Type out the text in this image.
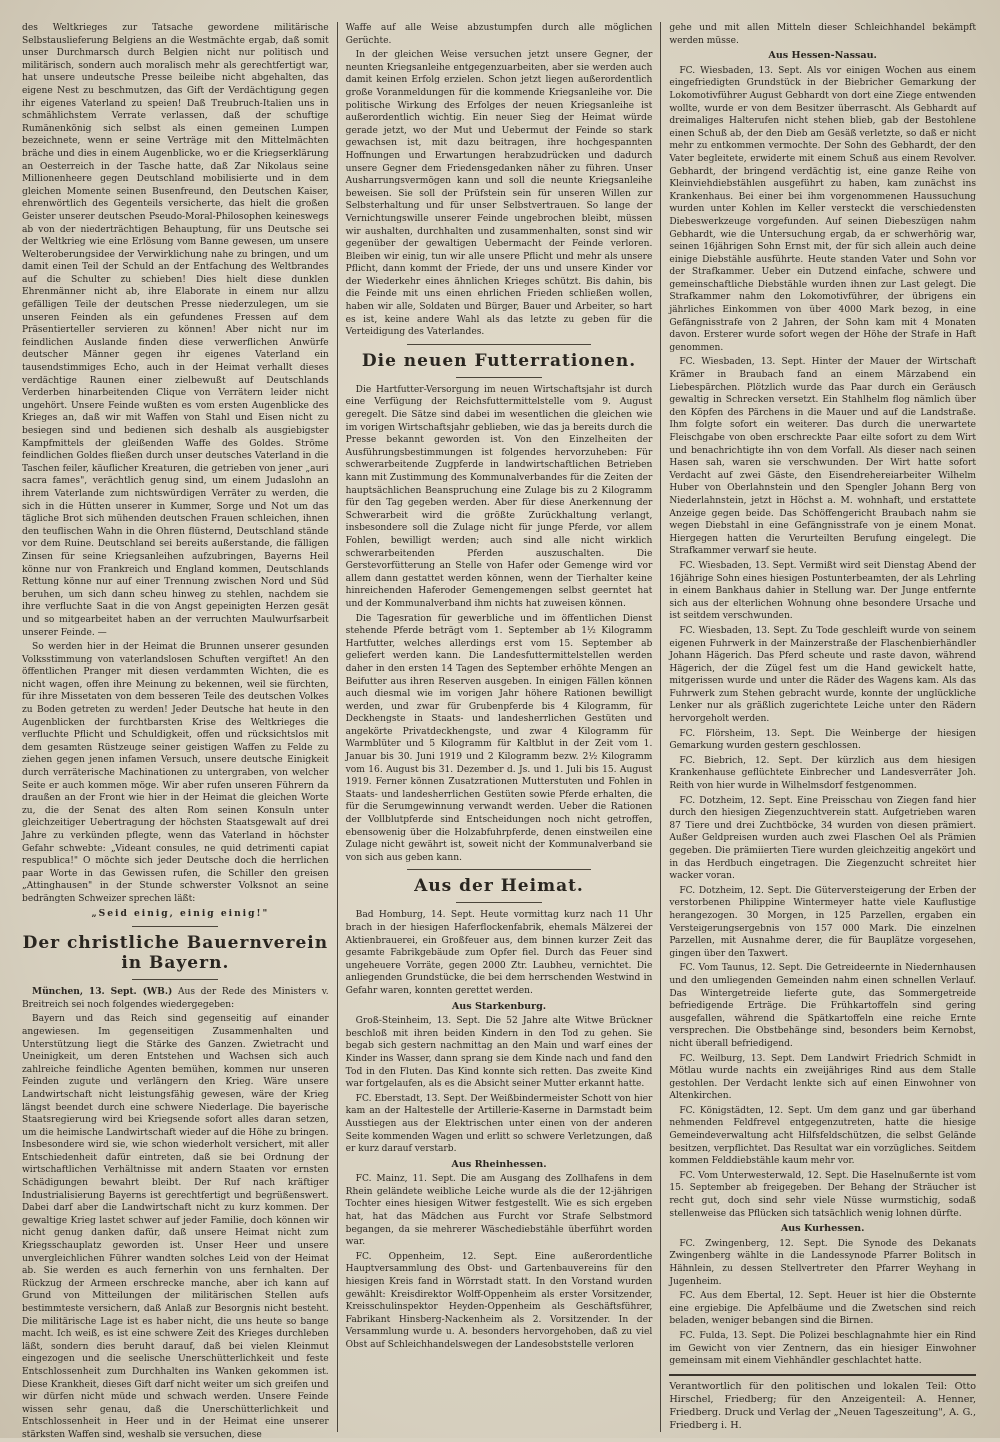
des Weltkrieges zur Tatsache gewordene militärische Selbstauslieferung Belgiens an die Westmächte ergab, daß somit unser Durchmarsch durch Belgien nicht nur politisch und militärisch, sondern auch moralisch mehr als gerechtfertigt war, hat unsere undeutsche Presse beileibe nicht abgehalten, das eigene Nest zu beschmutzen, das Gift der Verdächtigung gegen ihr eigenes Vaterland zu speien! Daß Treubruch-Italien uns in schmählichstem Verrate verlassen, daß der schuftige Rumänenkönig sich selbst als einen gemeinen Lumpen bezeichnete, wenn er seine Verträge mit den Mittelmächten bräche und dies in einem Augenblicke, wo er die Kriegserklärung an Oesterreich in der Tasche hatte, daß Zar Nikolaus seine Millionenheere gegen Deutschland mobilisierte und in dem gleichen Momente seinen Busenfreund, den Deutschen Kaiser, ehrenwörtlich des Gegenteils versicherte, das hielt die großen Geister unserer deutschen Pseudo-Moral-Philosophen keineswegs ab von der niederträchtigen Behauptung, für uns Deutsche sei der Weltkrieg wie eine Erlösung vom Banne gewesen, um unsere Welteroberungsidee der Verwirklichung nahe zu bringen, und um damit einen Teil der Schuld an der Entfachung des Weltbrandes auf die Schulter zu schieben! Dies hielt diese dunklen Ehrenmänner nicht ab, ihre Elaborate in einem nur allzu gefälligen Teile der deutschen Presse niederzulegen, um sie unseren Feinden als ein gefundenes Fressen auf dem Präsentierteller servieren zu können! Aber nicht nur im feindlichen Auslande finden diese verwerflichen Anwürfe deutscher Männer gegen ihr eigenes Vaterland ein tausendstimmiges Echo, auch in der Heimat verhallt dieses verdächtige Raunen einer zielbewußt auf Deutschlands Verderben hinarbeitenden Clique von Verrätern leider nicht ungehört. Unsere Feinde wußten es vom ersten Augenblicke des Krieges an, daß wir mit Waffen von Stahl und Eisen nicht zu besiegen sind und bedienen sich deshalb als ausgiebigster Kampfmittels der gleißenden Waffe des Goldes. Ströme feindlichen Goldes fließen durch unser deutsches Vaterland in die Taschen feiler, käuflicher Kreaturen, die getrieben von jener „auri sacra fames", verächtlich genug sind, um einem Judaslohn an ihrem Vaterlande zum nichtswürdigen Verräter zu werden, die sich in die Hütten unserer in Kummer, Sorge und Not um das tägliche Brot sich mühenden deutschen Frauen schleichen, ihnen den teuflischen Wahn in die Ohren flüsternd, Deutschland stände vor dem Ruine. Deutschland sei bereits außerstande, die fälligen Zinsen für seine Kriegsanleihen aufzubringen, Bayerns Heil könne nur von Frankreich und England kommen, Deutschlands Rettung könne nur auf einer Trennung zwischen Nord und Süd beruhen, um sich dann scheu hinweg zu stehlen, nachdem sie ihre verfluchte Saat in die von Angst gepeinigten Herzen gesät und so mitgearbeitet haben an der verruchten Maulwurfsarbeit unserer Feinde. —

So werden hier in der Heimat die Brunnen unserer gesunden Volksstimmung von vaterlandslosen Schuften vergiftet! An den öffentlichen Pranger mit diesen verdammten Wichten, die es nicht wagen, offen ihre Meinung zu bekennen, weil sie fürchten, für ihre Missetaten von dem besseren Teile des deutschen Volkes zu Boden getreten zu werden! Jeder Deutsche hat heute in den Augenblicken der furchtbarsten Krise des Weltkrieges die verfluchte Pflicht und Schuldigkeit, offen und rücksichtslos mit dem gesamten Rüstzeuge seiner geistigen Waffen zu Felde zu ziehen gegen jenen infamen Versuch, unsere deutsche Einigkeit durch verräterische Machinationen zu untergraben, von welcher Seite er auch kommen möge. Wir aber rufen unseren Führern da draußen an der Front wie hier in der Heimat die gleichen Worte zu, die der Senat des alten Rom seinen Konsuln unter gleichzeitiger Uebertragung der höchsten Staatsgewalt auf drei Jahre zu verkünden pflegte, wenn das Vaterland in höchster Gefahr schwebte: „Videant consules, ne quid detrimenti capiat respublica!" O möchte sich jeder Deutsche doch die herrlichen paar Worte in das Gewissen rufen, die Schiller den greisen „Attinghausen" in der Stunde schwerster Volksnot an seine bedrängten Schweizer sprechen läßt:

„Seid einig, einig einig!"

Der christliche Bauernverein in Bayern.

München, 13. Sept. (WB.) Aus der Rede des Ministers v. Breitreich sei noch folgendes wiedergegeben:

Bayern und das Reich sind gegenseitig auf einander angewiesen. Im gegenseitigen Zusammenhalten und Unterstützung liegt die Stärke des Ganzen. Zwietracht und Uneinigkeit, um deren Entstehen und Wachsen sich auch zahlreiche feindliche Agenten bemühen, kommen nur unseren Feinden zugute und verlängern den Krieg. Wäre unsere Landwirtschaft nicht leistungsfähig gewesen, wäre der Krieg längst beendet durch eine schwere Niederlage. Die bayerische Staatsregierung wird bei Kriegsende sofort alles daran setzen, um die heimische Landwirtschaft wieder auf die Höhe zu bringen. Insbesondere wird sie, wie schon wiederholt versichert, mit aller Entschiedenheit dafür eintreten, daß sie bei Ordnung der wirtschaftlichen Verhältnisse mit andern Staaten vor ernsten Schädigungen bewahrt bleibt. Der Ruf nach kräftiger Industrialisierung Bayerns ist gerechtfertigt und begrüßenswert. Dabei darf aber die Landwirtschaft nicht zu kurz kommen. Der gewaltige Krieg lastet schwer auf jeder Familie, doch können wir nicht genug danken dafür, daß unsere Heimat nicht zum Kriegsschauplatz geworden ist. Unser Heer und unsere unvergleichlichen Führer wandten solches Leid von der Heimat ab. Sie werden es auch fernerhin von uns fernhalten. Der Rückzug der Armeen erschrecke manche, aber ich kann auf Grund von Mitteilungen der militärischen Stellen aufs bestimmteste versichern, daß Anlaß zur Besorgnis nicht besteht. Die militärische Lage ist es haber nicht, die uns heute so bange macht. Ich weiß, es ist eine schwere Zeit des Krieges durchleben läßt, sondern dies beruht darauf, daß bei vielen Kleinmut eingezogen und die seelische Unerschütterlichkeit und feste Entschlossenheit zum Durchhalten ins Wanken gekommen ist. Diese Krankheit, dieses Gift darf nicht weiter um sich greifen und wir dürfen nicht müde und schwach werden. Unsere Feinde wissen sehr genau, daß die Unerschütterlichkeit und Entschlossenheit in Heer und in der Heimat eine unserer stärksten Waffen sind, weshalb sie versuchen, diese

Waffe auf alle Weise abzustumpfen durch alle möglichen Gerüchte.

In der gleichen Weise versuchen jetzt unsere Gegner, der neunten Kriegsanleihe entgegenzuarbeiten, aber sie werden auch damit keinen Erfolg erzielen. Schon jetzt liegen außerordentlich große Voranmeldungen für die kommende Kriegsanleihe vor. Die politische Wirkung des Erfolges der neuen Kriegsanleihe ist außerordentlich wichtig. Ein neuer Sieg der Heimat würde gerade jetzt, wo der Mut und Uebermut der Feinde so stark gewachsen ist, mit dazu beitragen, ihre hochgespannten Hoffnungen und Erwartungen herabzudrücken und dadurch unsere Gegner dem Friedensgedanken näher zu führen. Unser Ausharrungsvermögen kann und soll die neunte Kriegsanleihe beweisen. Sie soll der Prüfstein sein für unseren Willen zur Selbsterhaltung und für unser Selbstvertrauen. So lange der Vernichtungswille unserer Feinde ungebrochen bleibt, müssen wir aushalten, durchhalten und zusammenhalten, sonst sind wir gegenüber der gewaltigen Uebermacht der Feinde verloren. Bleiben wir einig, tun wir alle unsere Pflicht und mehr als unsere Pflicht, dann kommt der Friede, der uns und unsere Kinder vor der Wiederkehr eines ähnlichen Krieges schützt. Bis dahin, bis die Feinde mit uns einen ehrlichen Frieden schließen wollen, haben wir alle, Soldaten und Bürger, Bauer und Arbeiter, so hart es ist, keine andere Wahl als das letzte zu geben für die Verteidigung des Vaterlandes.

Die neuen Futterrationen.

Die Hartfutter-Versorgung im neuen Wirtschaftsjahr ist durch eine Verfügung der Reichsfuttermittelstelle vom 9. August geregelt. Die Sätze sind dabei im wesentlichen die gleichen wie im vorigen Wirtschaftsjahr geblieben, wie das ja bereits durch die Presse bekannt geworden ist. Von den Einzelheiten der Ausführungsbestimmungen ist folgendes hervorzuheben: Für schwerarbeitende Zugpferde in landwirtschaftlichen Betrieben kann mit Zustimmung des Kommunalverbandes für die Zeiten der hauptsächlichen Beanspruchung eine Zulage bis zu 2 Kilogramm für den Tag gegeben werden. Aber für diese Anerkennung der Schwerarbeit wird die größte Zurückhaltung verlangt, insbesondere soll die Zulage nicht für junge Pferde, vor allem Fohlen, bewilligt werden; auch sind alle nicht wirklich schwerarbeitenden Pferden auszuschalten. Die Gerstevorfütterung an Stelle von Hafer oder Gemenge wird vor allem dann gestattet werden können, wenn der Tierhalter keine hinreichenden Haferoder Gemengemengen selbst geerntet hat und der Kommunalverband ihm nichts hat zuweisen können.

Die Tagesration für gewerbliche und im öffentlichen Dienst stehende Pferde beträgt vom 1. September ab 1½ Kilogramm Hartfutter, welches allerdings erst vom 15. September ab geliefert werden kann. Die Landesfuttermittelstellen werden daher in den ersten 14 Tagen des September erhöhte Mengen an Beifutter aus ihren Reserven ausgeben. In einigen Fällen können auch diesmal wie im vorigen Jahr höhere Rationen bewilligt werden, und zwar für Grubenpferde bis 4 Kilogramm, für Deckhengste in Staats- und landesherrlichen Gestüten und angekörte Privatdeckhengste, und zwar 4 Kilogramm für Warmblüter und 5 Kilogramm für Kaltblut in der Zeit vom 1. Januar bis 30. Juni 1919 und 2 Kilogramm bezw. 2½ Kilogramm vom 16. August bis 31. Dezember d. Js. und 1. Juli bis 15. August 1919. Ferner können Zusatzrationen Mutterstuten und Fohlen in Staats- und landesherrlichen Gestüten sowie Pferde erhalten, die für die Serumgewinnung verwandt werden. Ueber die Rationen der Vollblutpferde sind Entscheidungen noch nicht getroffen, ebensowenig über die Holzabfuhrpferde, denen einstweilen eine Zulage nicht gewährt ist, soweit nicht der Kommunalverband sie von sich aus geben kann.

Aus der Heimat.

Bad Homburg, 14. Sept. Heute vormittag kurz nach 11 Uhr brach in der hiesigen Haferflockenfabrik, ehemals Mälzerei der Aktienbrauerei, ein Großfeuer aus, dem binnen kurzer Zeit das gesamte Fabrikgebäude zum Opfer fiel. Durch das Feuer sind ungeheuere Vorräte, gegen 2000 Ztr. Laubheu, vernichtet. Die anliegenden Grundstücke, die bei dem herrschenden Westwind in Gefahr waren, konnten gerettet werden.

Aus Starkenburg.

Groß-Steinheim, 13. Sept. Die 52 Jahre alte Witwe Brückner beschloß mit ihren beiden Kindern in den Tod zu gehen. Sie begab sich gestern nachmittag an den Main und warf eines der Kinder ins Wasser, dann sprang sie dem Kinde nach und fand den Tod in den Fluten. Das Kind konnte sich retten. Das zweite Kind war fortgelaufen, als es die Absicht seiner Mutter erkannt hatte.

FC. Eberstadt, 13. Sept. Der Weißbindermeister Schott von hier kam an der Haltestelle der Artillerie-Kaserne in Darmstadt beim Ausstiegen aus der Elektrischen unter einen von der anderen Seite kommenden Wagen und erlitt so schwere Verletzungen, daß er kurz darauf verstarb.

Aus Rheinhessen.

FC. Mainz, 11. Sept. Die am Ausgang des Zollhafens in dem Rhein geländete weibliche Leiche wurde als die der 12-jährigen Tochter eines hiesigen Witwer festgestellt. Wie es sich ergeben hat, hat das Mädchen aus Furcht vor Strafe Selbstmord begangen, da sie mehrerer Wäschediebstähle überführt worden war.

FC. Oppenheim, 12. Sept. Eine außerordentliche Hauptversammlung des Obst- und Gartenbauvereins für den hiesigen Kreis fand in Wörrstadt statt. In den Vorstand wurden gewählt: Kreisdirektor Wolff-Oppenheim als erster Vorsitzender, Kreisschulinspektor Heyden-Oppenheim als Geschäftsführer, Fabrikant Hinsberg-Nackenheim als 2. Vorsitzender. In der Versammlung wurde u. A. besonders hervorgehoben, daß zu viel Obst auf Schleichhandelswegen der Landesobststelle verloren

gehe und mit allen Mitteln dieser Schleichhandel bekämpft werden müsse.

Aus Hessen-Nassau.

FC. Wiesbaden, 13. Sept. Als vor einigen Wochen aus einem eingefriedigten Grundstück in der Biebricher Gemarkung der Lokomotivführer August Gebhardt von dort eine Ziege entwenden wollte, wurde er von dem Besitzer überrascht. Als Gebhardt auf dreimaliges Halterufen nicht stehen blieb, gab der Bestohlene einen Schuß ab, der den Dieb am Gesäß verletzte, so daß er nicht mehr zu entkommen vermochte. Der Sohn des Gebhardt, der den Vater begleitete, erwiderte mit einem Schuß aus einem Revolver. Gebhardt, der bringend verdächtig ist, eine ganze Reihe von Kleinviehdiebstählen ausgeführt zu haben, kam zunächst ins Krankenhaus. Bei einer bei ihm vorgenommenen Haussuchung wurden unter Kohlen im Keller versteckt die verschiedensten Diebeswerkzeuge vorgefunden. Auf seinen Diebeszügen nahm Gebhardt, wie die Untersuchung ergab, da er schwerhörig war, seinen 16jährigen Sohn Ernst mit, der für sich allein auch deine einige Diebstähle ausführte. Heute standen Vater und Sohn vor der Strafkammer. Ueber ein Dutzend einfache, schwere und gemeinschaftliche Diebstähle wurden ihnen zur Last gelegt. Die Strafkammer nahm den Lokomotivführer, der übrigens ein jährliches Einkommen von über 4000 Mark bezog, in eine Gefängnisstrafe von 2 Jahren, der Sohn kam mit 4 Monaten davon. Ersterer wurde sofort wegen der Höhe der Strafe in Haft genommen.

FC. Wiesbaden, 13. Sept. Hinter der Mauer der Wirtschaft Krämer in Braubach fand an einem Märzabend ein Liebespärchen. Plötzlich wurde das Paar durch ein Geräusch gewaltig in Schrecken versetzt. Ein Stahlhelm flog nämlich über den Köpfen des Pärchens in die Mauer und auf die Landstraße. Ihm folgte sofort ein weiterer. Das durch die unerwartete Fleischgabe von oben erschreckte Paar eilte sofort zu dem Wirt und benachrichtigte ihn von dem Vorfall. Als dieser nach seinen Hasen sah, waren sie verschwunden. Der Wirt hatte sofort Verdacht auf zwei Gäste, den Eisendrehereiarbeiter Wilhelm Huber von Oberlahnstein und den Spengler Johann Berg von Niederlahnstein, jetzt in Höchst a. M. wohnhaft, und erstattete Anzeige gegen beide. Das Schöffengericht Braubach nahm sie wegen Diebstahl in eine Gefängnisstrafe von je einem Monat. Hiergegen hatten die Verurteilten Berufung eingelegt. Die Strafkammer verwarf sie heute.

FC. Wiesbaden, 13. Sept. Vermißt wird seit Dienstag Abend der 16jährige Sohn eines hiesigen Postunterbeamten, der als Lehrling in einem Bankhaus dahier in Stellung war. Der Junge entfernte sich aus der elterlichen Wohnung ohne besondere Ursache und ist seitdem verschwunden.

FC. Wiesbaden, 13. Sept. Zu Tode geschleift wurde von seinem eigenen Fuhrwerk in der Mainzerstraße der Flaschenbierhändler Johann Hägerich. Das Pferd scheute und raste davon, während Hägerich, der die Zügel fest um die Hand gewickelt hatte, mitgerissen wurde und unter die Räder des Wagens kam. Als das Fuhrwerk zum Stehen gebracht wurde, konnte der unglückliche Lenker nur als gräßlich zugerichtete Leiche unter den Rädern hervorgeholt werden.

FC. Flörsheim, 13. Sept. Die Weinberge der hiesigen Gemarkung wurden gestern geschlossen.

FC. Biebrich, 12. Sept. Der kürzlich aus dem hiesigen Krankenhause geflüchtete Einbrecher und Landesverräter Joh. Reith von hier wurde in Wilhelmsdorf festgenommen.

FC. Dotzheim, 12. Sept. Eine Preisschau von Ziegen fand hier durch den hiesigen Ziegenzuchtverein statt. Aufgetrieben waren 87 Tiere und drei Zuchtböcke, 34 wurden von diesen prämiert. Außer Geldpreisen wurden auch zwei Flaschen Oel als Prämien gegeben. Die prämiierten Tiere wurden gleichzeitig angekört und in das Herdbuch eingetragen. Die Ziegenzucht schreitet hier wacker voran.

FC. Dotzheim, 12. Sept. Die Güterversteigerung der Erben der verstorbenen Philippine Wintermeyer hatte viele Kauflustige herangezogen. 30 Morgen, in 125 Parzellen, ergaben ein Versteigerungsergebnis von 157 000 Mark. Die einzelnen Parzellen, mit Ausnahme derer, die für Bauplätze vorgesehen, gingen über den Taxwert.

FC. Vom Taunus, 12. Sept. Die Getreideernte in Niedernhausen und den umliegenden Gemeinden nahm einen schnellen Verlauf. Das Wintergetreide lieferte gute, das Sommergetreide befriedigende Erträge. Die Frühkartoffeln sind gering ausgefallen, während die Spätkartoffeln eine reiche Ernte versprechen. Die Obstbehänge sind, besonders beim Kernobst, nicht überall befriedigend.

FC. Weilburg, 13. Sept. Dem Landwirt Friedrich Schmidt in Mötlau wurde nachts ein zweijähriges Rind aus dem Stalle gestohlen. Der Verdacht lenkte sich auf einen Einwohner von Altenkirchen.

FC. Königstädten, 12. Sept. Um dem ganz und gar überhand nehmenden Feldfrevel entgegenzutreten, hatte die hiesige Gemeindeverwaltung acht Hilfsfeldschützen, die selbst Gelände besitzen, verpflichtet. Das Resultat war ein vorzügliches. Seitdem kommen Felddiebstähle kaum mehr vor.

FC. Vom Unterwesterwald, 12. Sept. Die Haselnußernte ist vom 15. September ab freigegeben. Der Behang der Sträucher ist recht gut, doch sind sehr viele Nüsse wurmstichig, sodaß stellenweise das Pflücken sich tatsächlich wenig lohnen dürfte.

Aus Kurhessen.

FC. Zwingenberg, 12. Sept. Die Synode des Dekanats Zwingenberg wählte in die Landessynode Pfarrer Bolitsch in Hähnlein, zu dessen Stellvertreter den Pfarrer Weyhang in Jugenheim.

FC. Aus dem Ebertal, 12. Sept. Heuer ist hier die Obsternte eine ergiebige. Die Apfelbäume und die Zwetschen sind reich beladen, weniger bebangen sind die Birnen.

FC. Fulda, 13. Sept. Die Polizei beschlagnahmte hier ein Rind im Gewicht von vier Zentnern, das ein hiesiger Einwohner gemeinsam mit einem Viehhändler geschlachtet hatte.

Verantwortlich für den politischen und lokalen Teil: Otto Hirschel, Friedberg; für den Anzeigenteil: A. Henner, Friedberg. Druck und Verlag der „Neuen Tageszeitung", A. G., Friedberg i. H.
